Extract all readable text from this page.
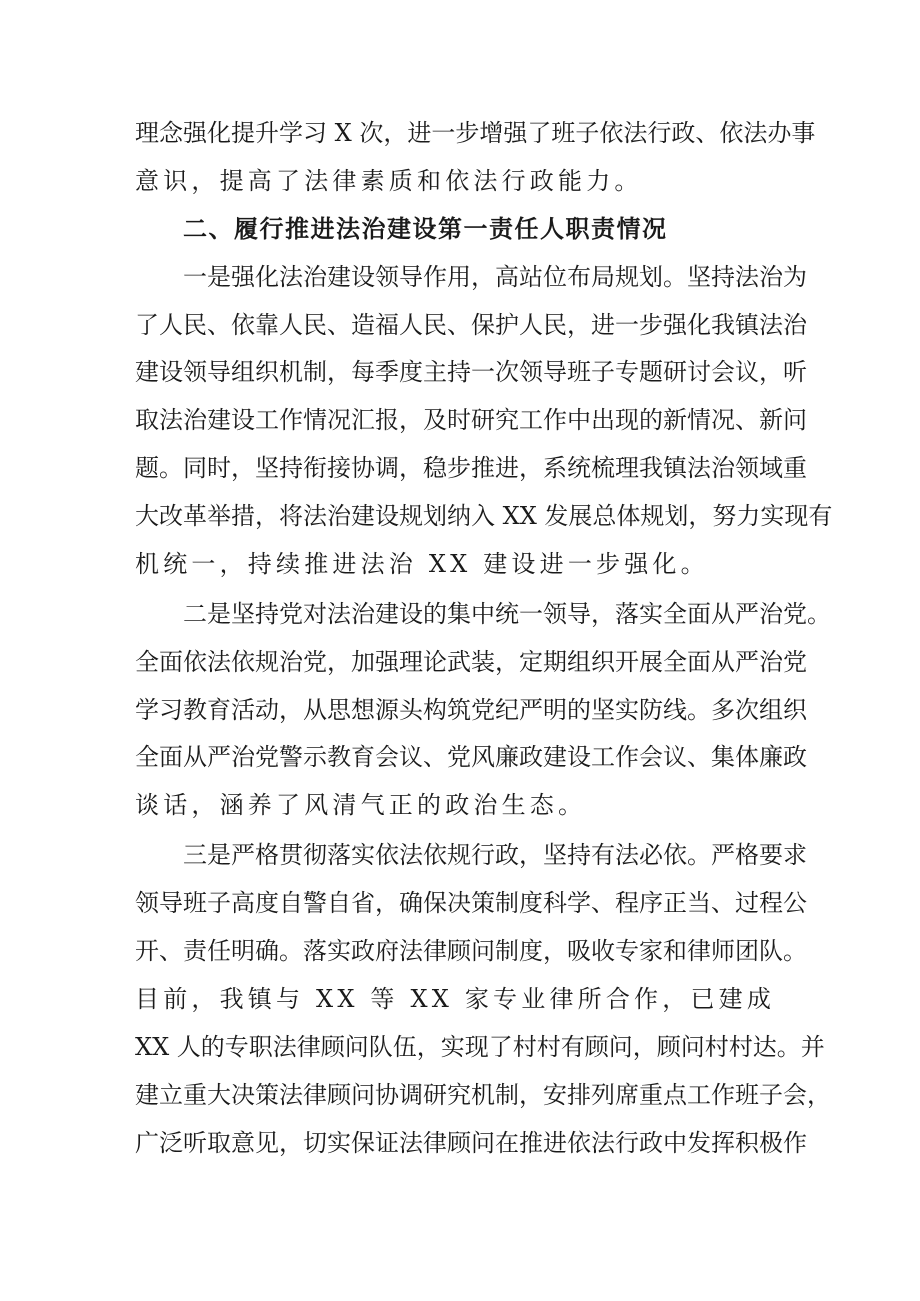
理念强化提升学习 X 次，进一步增强了班子依法行政、依法办事
意识，提高了法律素质和依法行政能力。
二、履行推进法治建设第一责任人职责情况
一是强化法治建设领导作用，高站位布局规划。坚持法治为
了人民、依靠人民、造福人民、保护人民，进一步强化我镇法治
建设领导组织机制，每季度主持一次领导班子专题研讨会议，听
取法治建设工作情况汇报，及时研究工作中出现的新情况、新问
题。同时，坚持衔接协调，稳步推进，系统梳理我镇法治领域重
大改革举措，将法治建设规划纳入 XX 发展总体规划，努力实现有
机统一，持续推进法治 XX 建设进一步强化。
二是坚持党对法治建设的集中统一领导，落实全面从严治党。
全面依法依规治党，加强理论武装，定期组织开展全面从严治党
学习教育活动，从思想源头构筑党纪严明的坚实防线。多次组织
全面从严治党警示教育会议、党风廉政建设工作会议、集体廉政
谈话，涵养了风清气正的政治生态。
三是严格贯彻落实依法依规行政，坚持有法必依。严格要求
领导班子高度自警自省，确保决策制度科学、程序正当、过程公
开、责任明确。落实政府法律顾问制度，吸收专家和律师团队。
目前，我镇与 XX 等 XX 家专业律所合作，已建成
XX 人的专职法律顾问队伍，实现了村村有顾问，顾问村村达。并
建立重大决策法律顾问协调研究机制，安排列席重点工作班子会，
广泛听取意见，切实保证法律顾问在推进依法行政中发挥积极作
